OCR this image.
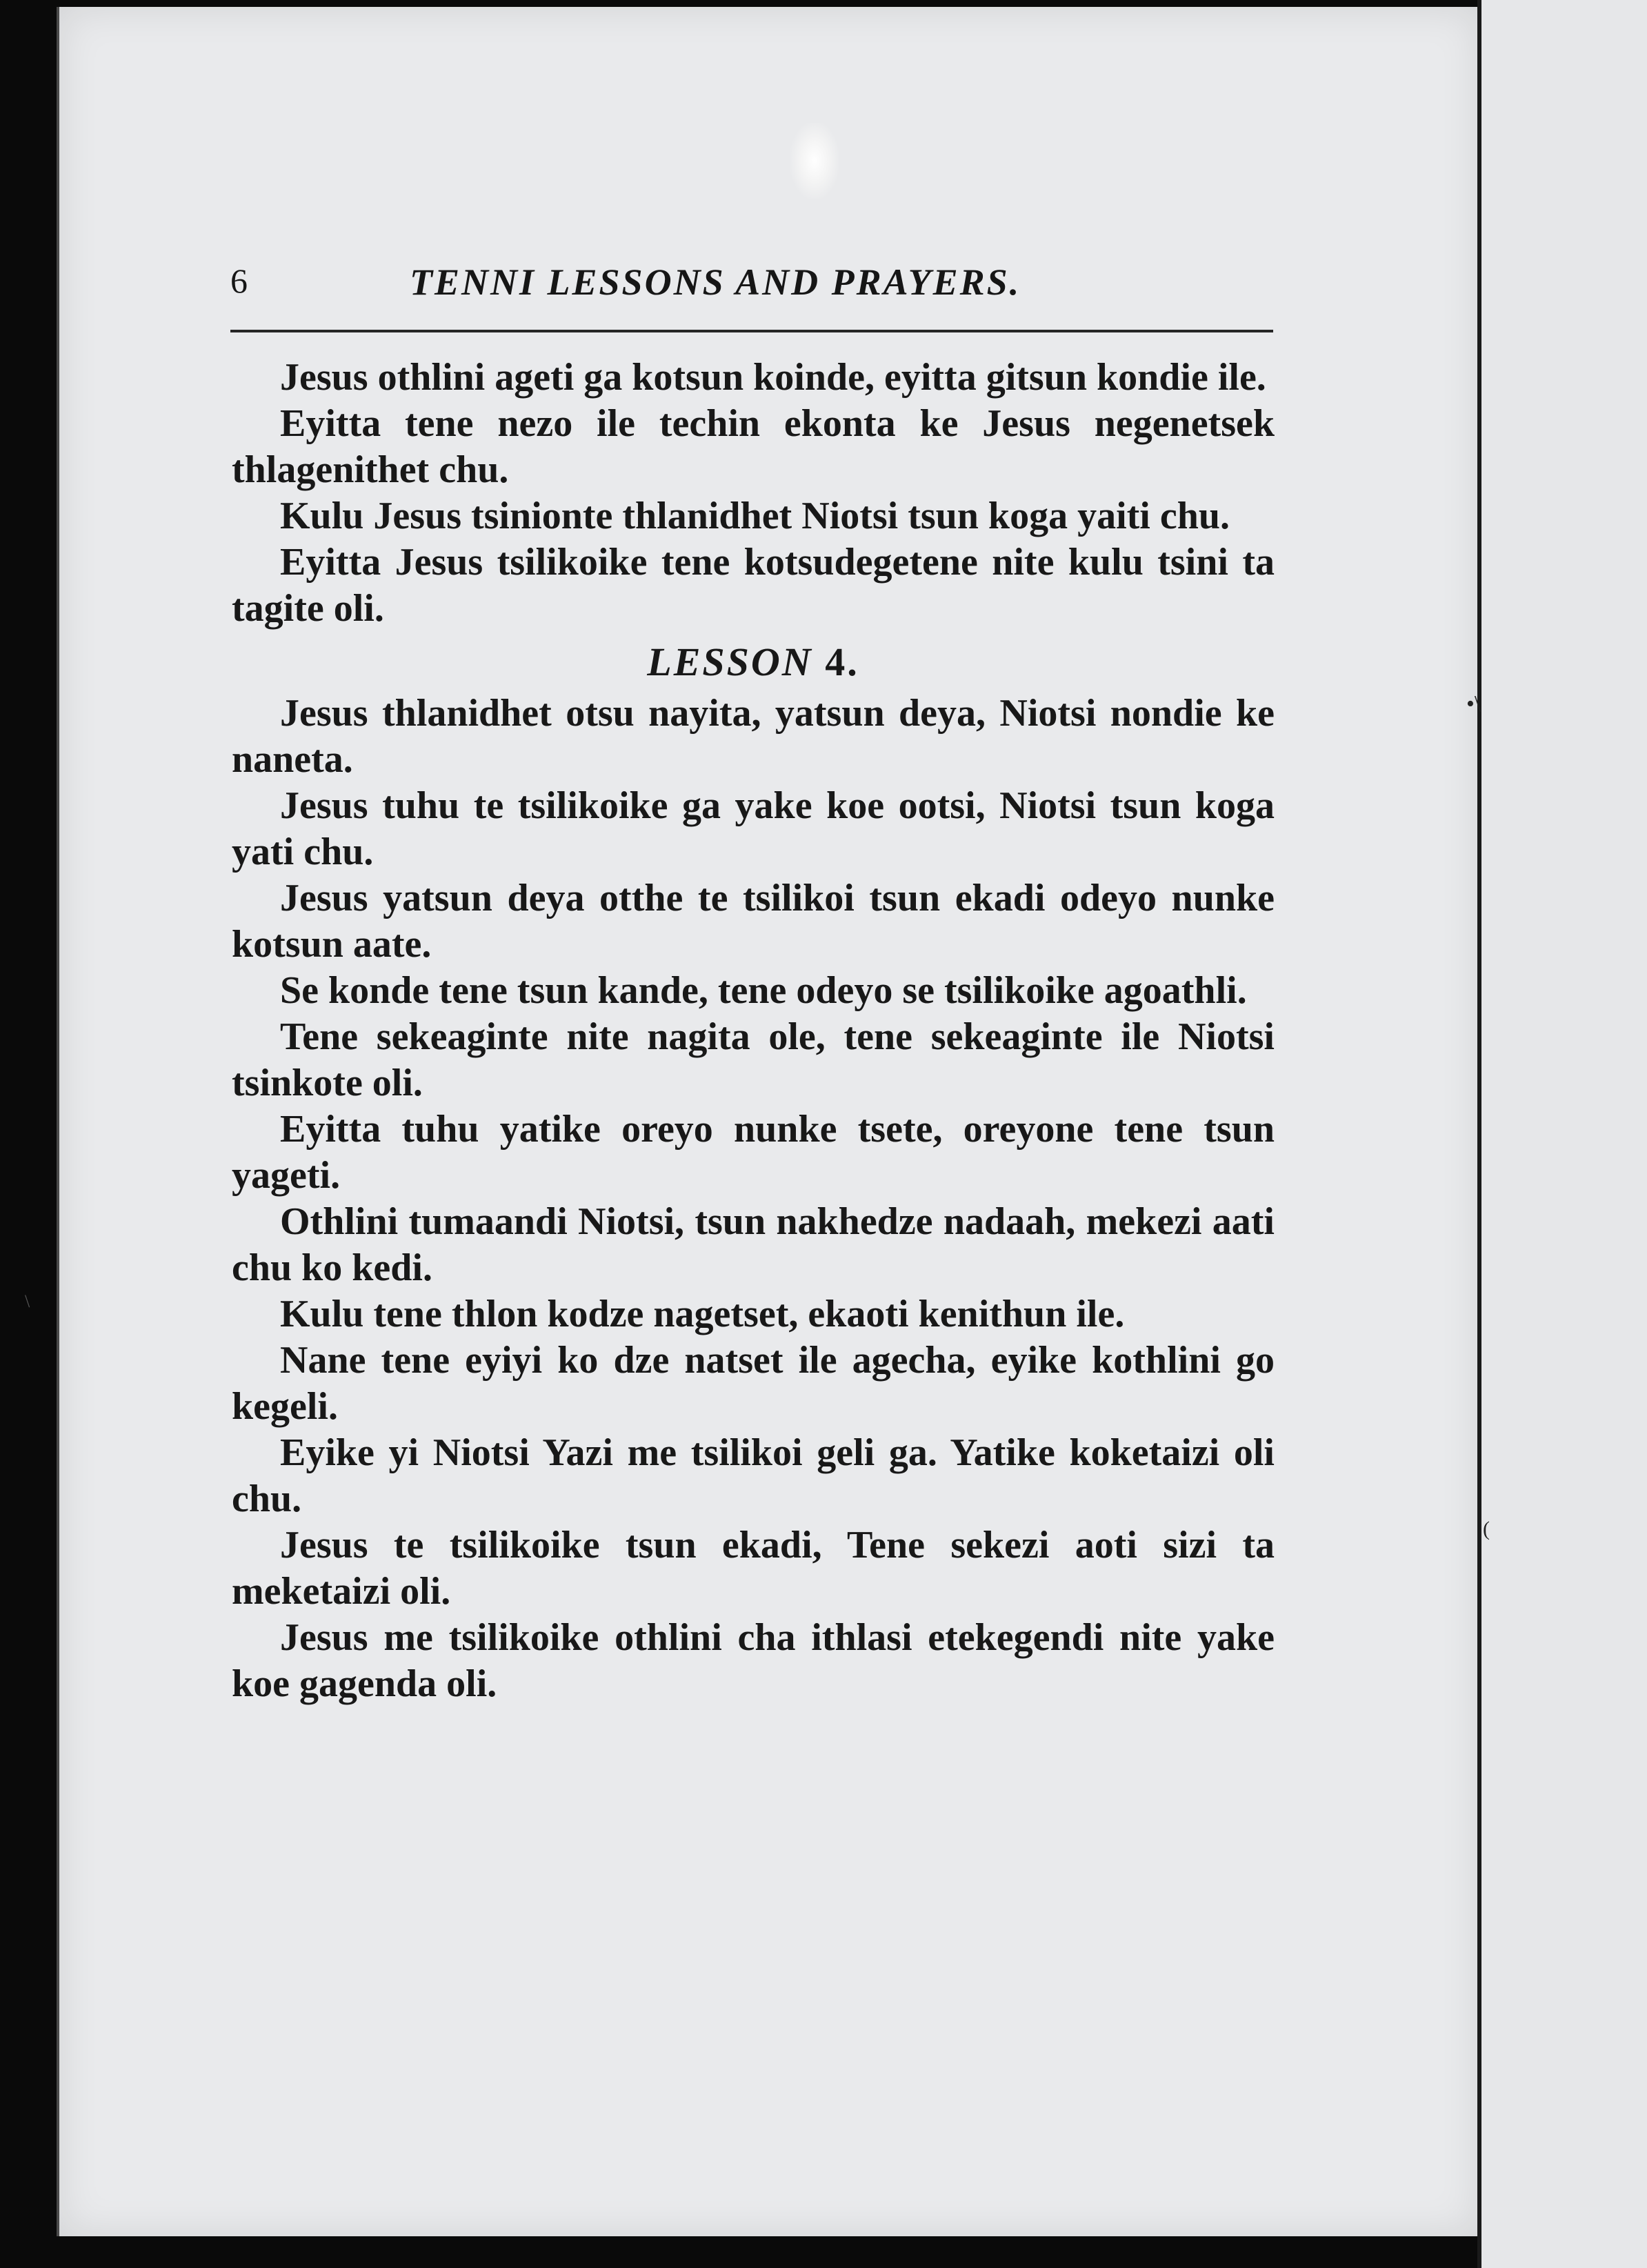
6	TENNI LESSONS AND PRAYERS.

Jesus othlini ageti ga kotsun koinde, eyitta gitsun kondie ile.

Eyitta tene nezo ile techin ekonta ke Jesus negenetsek thlagenithet chu.

Kulu Jesus tsinionte thlanidhet Niotsi tsun koga yaiti chu.

Eyitta Jesus tsilikoike tene kotsudegetene nite kulu tsini ta tagite oli.

LESSON 4.

Jesus thlanidhet otsu nayita, yatsun deya, Niotsi nondie ke naneta.

Jesus tuhu te tsilikoike ga yake koe ootsi, Niotsi tsun koga yati chu.

Jesus yatsun deya otthe te tsilikoi tsun ekadi odeyo nunke kotsun aate.

Se konde tene tsun kande, tene odeyo se tsilikoike agoathli.

Tene sekeaginte nite nagita ole, tene sekeaginte ile Niotsi tsinkote oli.

Eyitta tuhu yatike oreyo nunke tsete, oreyone tene tsun yageti.

Othlini tumaandi Niotsi, tsun nakhedze nadaah, mekezi aati chu ko kedi.

Kulu tene thlon kodze nagetset, ekaoti kenithun ile.

Nane tene eyiyi ko dze natset ile agecha, eyike kothlini go kegeli.

Eyike yi Niotsi Yazi me tsilikoi geli ga. Yatike koketaizi oli chu.

Jesus te tsilikoike tsun ekadi, Tene sekezi aoti sizi ta meketaizi oli.

Jesus me tsilikoike othlini cha ithlasi etekegendi nite yake koe gagenda oli.

•\
(
\
